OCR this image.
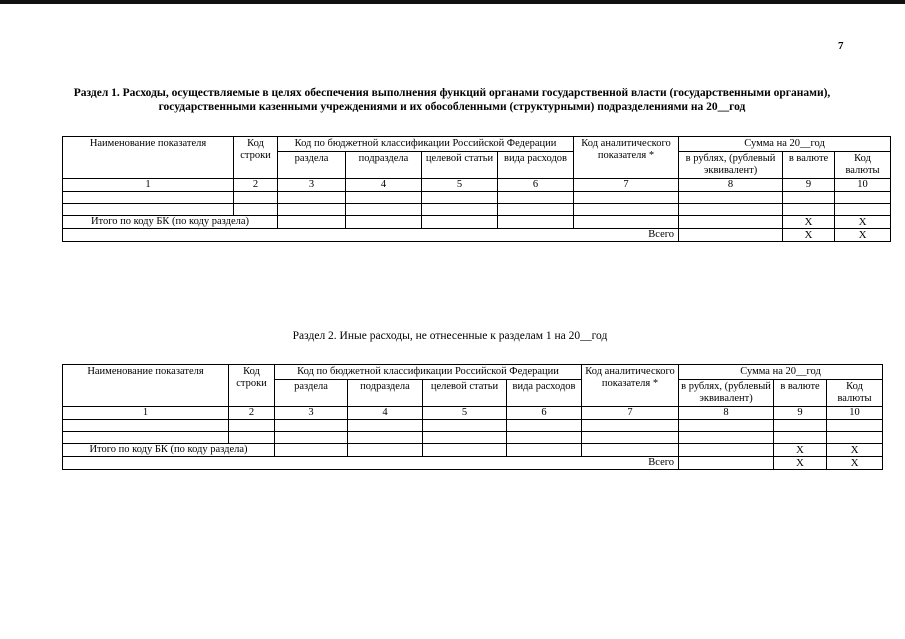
7
Раздел 1. Расходы, осуществляемые в целях обеспечения выполнения функций органами государственной власти (государственными органами), государственными казенными учреждениями и их обособленными (структурными) подразделениями на 20__год
Наименование показателя	Код строки	Код по бюджетной классификации Российской Федерации				Код аналитического показателя *	Сумма на 20__год		
		раздела	подраздела	целевой статьи	вида расходов		в рублях, (рублевый эквивалент)	в валюте	Код валюты
1	2	3	4	5	6	7	8	9	10

Итого по коду БК (по коду раздела)								Х	Х
Всего								Х	Х
Раздел 2. Иные расходы, не отнесенные к разделам 1 на 20__год
Наименование показателя	Код строки	Код по бюджетной классификации Российской Федерации				Код аналитического показателя *	Сумма на 20__год		
		раздела	подраздела	целевой статьи	вида расходов		в рублях, (рублевый эквивалент)	в валюте	Код валюты
1	2	3	4	5	6	7	8	9	10

Итого по коду БК (по коду раздела)								Х	Х
Всего								Х	Х
